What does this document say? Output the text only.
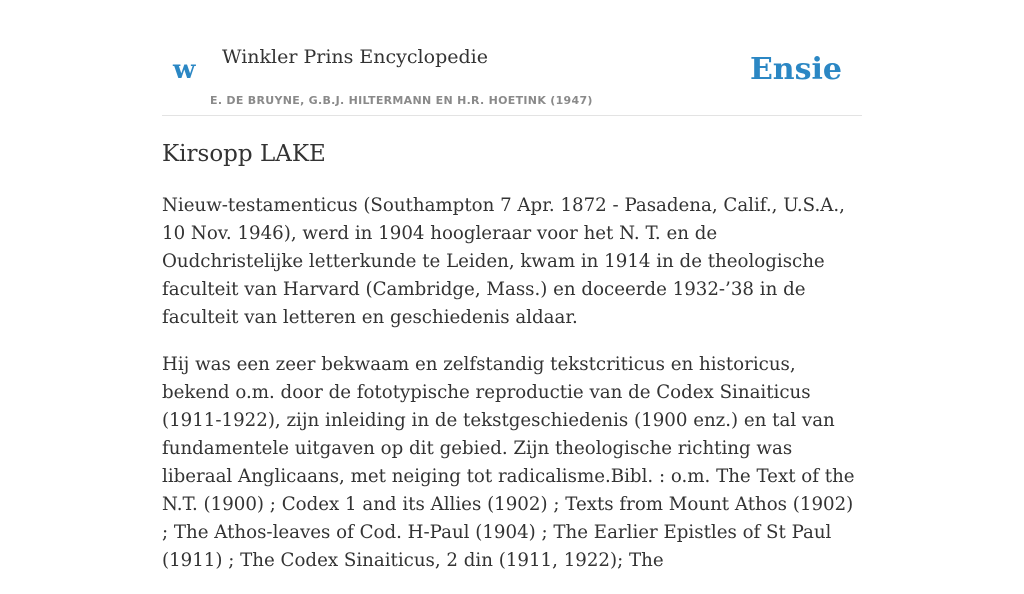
w Winkler Prins Encyclopedie
E. DE BRUYNE, G.B.J. HILTERMANN EN H.R. HOETINK (1947)
Ensie
Kirsopp LAKE

Nieuw-testamenticus (Southampton 7 Apr. 1872 - Pasadena, Calif., U.S.A., 10 Nov. 1946), werd in 1904 hoogleraar voor het N. T. en de Oudchristelijke letterkunde te Leiden, kwam in 1914 in de theologische faculteit van Harvard (Cambridge, Mass.) en doceerde 1932-’38 in de faculteit van letteren en geschiedenis aldaar.

Hij was een zeer bekwaam en zelfstandig tekstcriticus en historicus, bekend o.m. door de fototypische reproductie van de Codex Sinaiticus (1911-1922), zijn inleiding in de tekstgeschiedenis (1900 enz.) en tal van fundamentele uitgaven op dit gebied. Zijn theologische richting was liberaal Anglicaans, met neiging tot radicalisme.Bibl. : o.m. The Text of the N.T. (1900) ; Codex 1 and its Allies (1902) ; Texts from Mount Athos (1902) ; The Athos-leaves of Cod. H-Paul (1904) ; The Earlier Epistles of St Paul (1911) ; The Codex Sinaiticus, 2 din (1911, 1922); The
